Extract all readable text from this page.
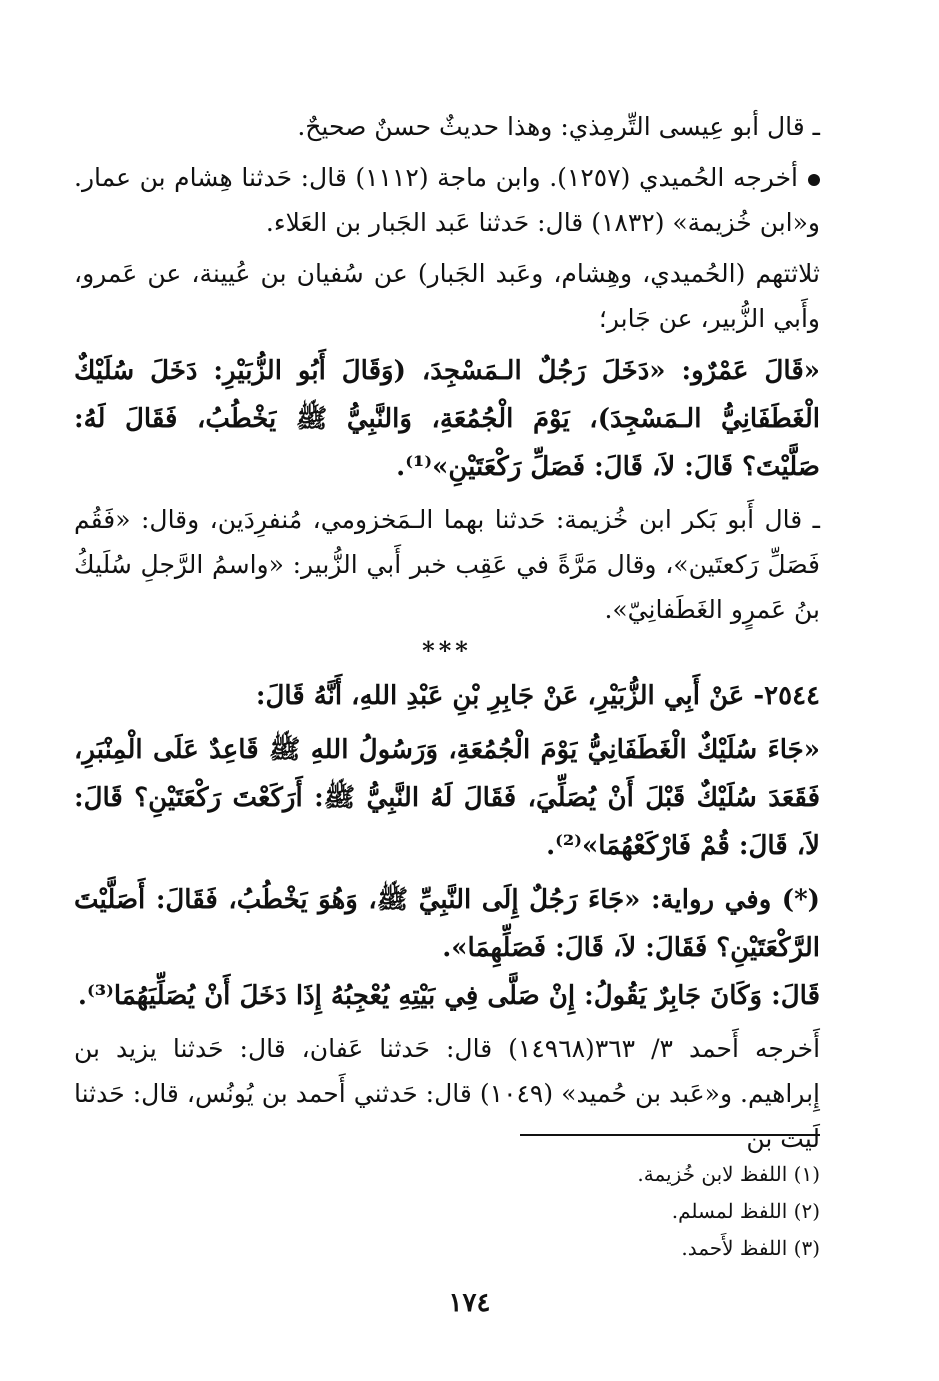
ـ قال أبو عِيسى التِّرمِذي: وهذا حديثٌ حسنٌ صحيحٌ.

أخرجه الحُميدي (١٢٥٧). وابن ماجة (١١١٢) قال: حَدثنا هِشام بن عمار. و«ابن خُزيمة» (١٨٣٢) قال: حَدثنا عَبد الجَبار بن العَلاء.

ثلاثتهم (الحُميدي، وهِشام، وعَبد الجَبار) عن سُفيان بن عُيينة، عن عَمرو، وأَبي الزُّبير، عن جَابر؛

«قَالَ عَمْرٌو: «دَخَلَ رَجُلٌ الـمَسْجِدَ، (وَقَالَ أَبُو الزُّبَيْرِ: دَخَلَ سُلَيْكٌ الْغَطَفَانِيُّ الـمَسْجِدَ)، يَوْمَ الْجُمُعَةِ، وَالنَّبِيُّ ﷺ يَخْطُبُ، فَقَالَ لَهُ: صَلَّيْتَ؟ قَالَ: لاَ، قَالَ: فَصَلِّ رَكْعَتَيْنِ»⁽¹⁾.

ـ قال أَبو بَكر ابن خُزيمة: حَدثنا بهما الـمَخزومي، مُنفرِدَين، وقال: «فَقُم فَصَلِّ رَكعتَين»، وقال مَرَّةً في عَقِب خبر أَبي الزُّبير: «واسمُ الرَّجلِ سُلَيكُ بنُ عَمرٍو الغَطَفانِيّ».

***

٢٥٤٤- عَنْ أَبِي الزُّبَيْرِ، عَنْ جَابِرِ بْنِ عَبْدِ اللهِ، أَنَّهُ قَالَ:

«جَاءَ سُلَيْكٌ الْغَطَفَانِيُّ يَوْمَ الْجُمُعَةِ، وَرَسُولُ اللهِ ﷺ قَاعِدٌ عَلَى الْمِنْبَرِ، فَقَعَدَ سُلَيْكٌ قَبْلَ أَنْ يُصَلِّيَ، فَقَالَ لَهُ النَّبِيُّ ﷺ: أَرَكَعْتَ رَكْعَتَيْنِ؟ قَالَ: لاَ، قَالَ: قُمْ فَارْكَعْهُمَا»⁽²⁾.

(*) وفي رواية: «جَاءَ رَجُلٌ إِلَى النَّبِيِّ ﷺ، وَهُوَ يَخْطُبُ، فَقَالَ: أَصَلَّيْتَ الرَّكْعَتَيْنِ؟ فَقَالَ: لاَ، قَالَ: فَصَلِّهِمَا».

قَالَ: وَكَانَ جَابِرٌ يَقُولُ: إِنْ صَلَّى فِي بَيْتِهِ يُعْجِبُهُ إِذَا دَخَلَ أَنْ يُصَلِّيَهُمَا⁽³⁾.

أَخرجه أَحمد ٣/ ٣٦٣(١٤٩٦٨) قال: حَدثنا عَفان، قال: حَدثنا يزيد بن إِبراهيم. و«عَبد بن حُميد» (١٠٤٩) قال: حَدثني أَحمد بن يُونُس، قال: حَدثنا لَيث بن

(١) اللفظ لابن خُزيمة.
(٢) اللفظ لمسلم.
(٣) اللفظ لأَحمد.
١٧٤
